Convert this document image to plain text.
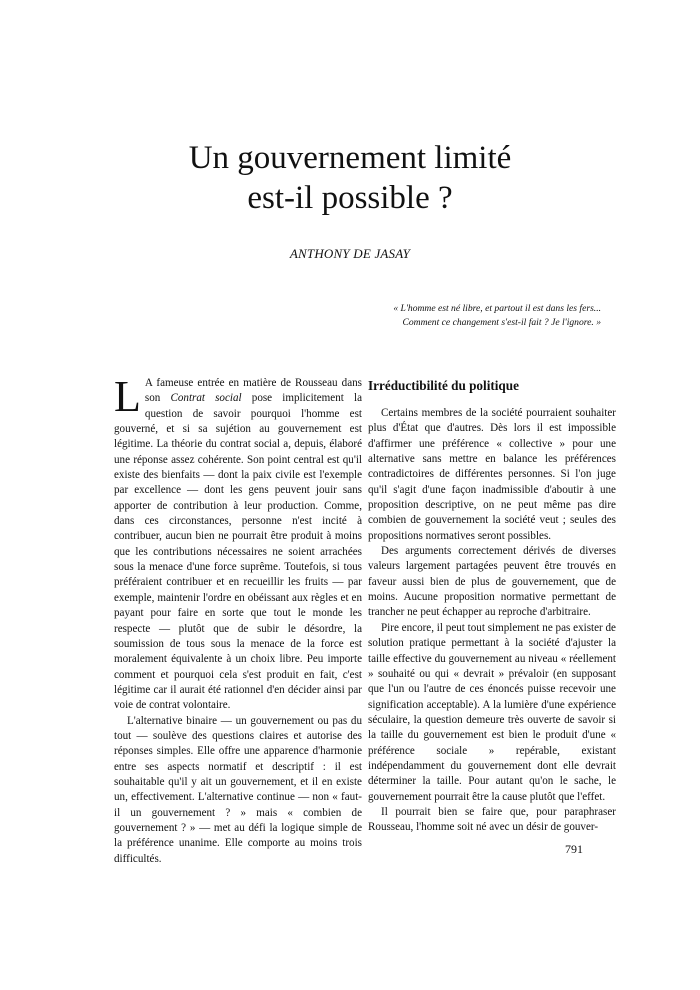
Un gouvernement limité
est-il possible ?
ANTHONY DE JASAY
« L'homme est né libre, et partout il est dans les fers...
Comment ce changement s'est-il fait ? Je l'ignore. »

L A fameuse entrée en matière de Rousseau dans son Contrat social pose implicitement la question de savoir pourquoi l'homme est gouverné, et si sa sujétion au gouvernement est légitime. La théorie du contrat social a, depuis, élaboré une réponse assez cohérente. Son point central est qu'il existe des bienfaits — dont la paix civile est l'exemple par excellence — dont les gens peuvent jouir sans apporter de contribution à leur production. Comme, dans ces circonstances, personne n'est incité à contribuer, aucun bien ne pourrait être produit à moins que les contributions nécessaires ne soient arrachées sous la menace d'une force suprême. Toutefois, si tous préféraient contribuer et en recueillir les fruits — par exemple, maintenir l'ordre en obéissant aux règles et en payant pour faire en sorte que tout le monde les respecte — plutôt que de subir le désordre, la soumission de tous sous la menace de la force est moralement équivalente à un choix libre. Peu importe comment et pourquoi cela s'est produit en fait, c'est légitime car il aurait été rationnel d'en décider ainsi par voie de contrat volontaire.

L'alternative binaire — un gouvernement ou pas du tout — soulève des questions claires et autorise des réponses simples. Elle offre une apparence d'harmonie entre ses aspects normatif et descriptif : il est souhaitable qu'il y ait un gouvernement, et il en existe un, effectivement. L'alternative continue — non « faut-il un gouvernement ? » mais « combien de gouvernement ? » — met au défi la logique simple de la préférence unanime. Elle comporte au moins trois difficultés.

Irréductibilité du politique

Certains membres de la société pourraient souhaiter plus d'État que d'autres. Dès lors il est impossible d'affirmer une préférence « collective » pour une alternative sans mettre en balance les préférences contradictoires de différentes personnes. Si l'on juge qu'il s'agit d'une façon inadmissible d'aboutir à une proposition descriptive, on ne peut même pas dire combien de gouvernement la société veut ; seules des propositions normatives seront possibles.

Des arguments correctement dérivés de diverses valeurs largement partagées peuvent être trouvés en faveur aussi bien de plus de gouvernement, que de moins. Aucune proposition normative permettant de trancher ne peut échapper au reproche d'arbitraire.

Pire encore, il peut tout simplement ne pas exister de solution pratique permettant à la société d'ajuster la taille effective du gouvernement au niveau « réellement » souhaité ou qui « devrait » prévaloir (en supposant que l'un ou l'autre de ces énoncés puisse recevoir une signification acceptable). A la lumière d'une expérience séculaire, la question demeure très ouverte de savoir si la taille du gouvernement est bien le produit d'une « préférence sociale » repérable, existant indépendamment du gouvernement dont elle devrait déterminer la taille. Pour autant qu'on le sache, le gouvernement pourrait être la cause plutôt que l'effet.

Il pourrait bien se faire que, pour paraphraser Rousseau, l'homme soit né avec un désir de gouver-

791
